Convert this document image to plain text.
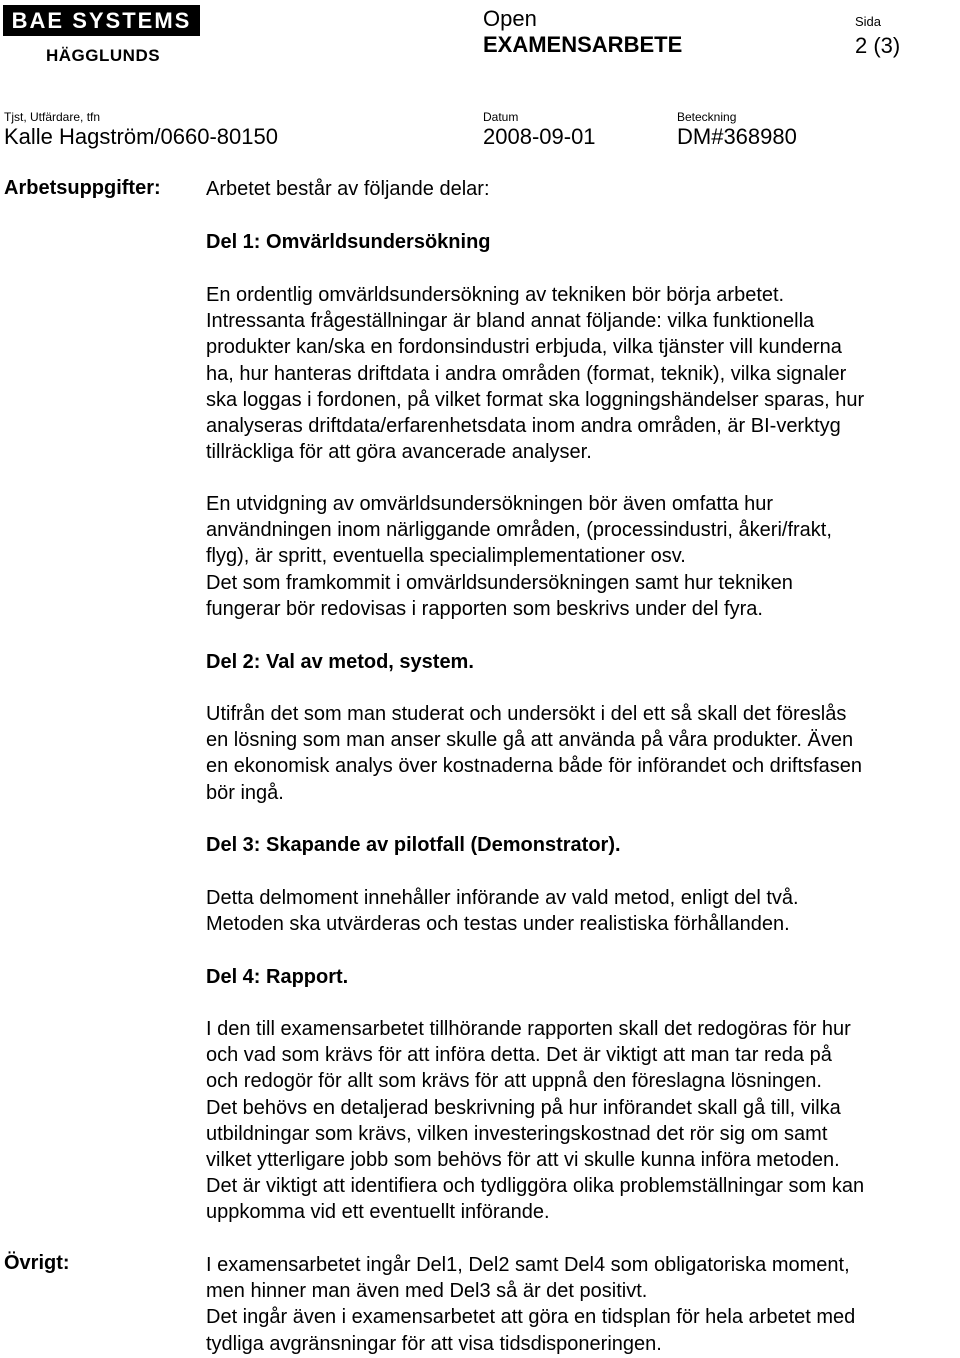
BAE SYSTEMS
HÄGGLUNDS
Open
EXAMENSARBETE
Sida
2 (3)
Tjst, Utfärdare, tfn
Kalle Hagström/0660-80150
Datum
2008-09-01
Beteckning
DM#368980
Arbetsuppgifter: Arbetet består av följande delar:
Del 1: Omvärldsundersökning

En ordentlig omvärldsundersökning av tekniken bör börja arbetet.

Intressanta frågeställningar är bland annat följande: vilka funktionella

produkter kan/ska en fordonsindustri erbjuda, vilka tjänster vill kunderna

ha, hur hanteras driftdata i andra områden (format, teknik), vilka signaler

ska loggas i fordonen, på vilket format ska loggningshändelser sparas, hur

analyseras driftdata/erfarenhetsdata inom andra områden, är BI-verktyg

tillräckliga för att göra avancerade analyser.

En utvidgning av omvärldsundersökningen bör även omfatta hur

användningen inom närliggande områden, (processindustri, åkeri/frakt,

flyg), är spritt, eventuella specialimplementationer osv.

Det som framkommit i omvärldsundersökningen samt hur tekniken

fungerar bör redovisas i rapporten som beskrivs under del fyra.

Del 2: Val av metod, system.

Utifrån det som man studerat och undersökt i del ett så skall det föreslås

en lösning som man anser skulle gå att använda på våra produkter. Även

en ekonomisk analys över kostnaderna både för införandet och driftsfasen

bör ingå.

Del 3: Skapande av pilotfall (Demonstrator).

Detta delmoment innehåller införande av vald metod, enligt del två.

Metoden ska utvärderas och testas under realistiska förhållanden.

Del 4: Rapport.

I den till examensarbetet tillhörande rapporten skall det redogöras för hur

och vad som krävs för att införa detta. Det är viktigt att man tar reda på

och redogör för allt som krävs för att uppnå den föreslagna lösningen.

Det behövs en detaljerad beskrivning på hur införandet skall gå till, vilka

utbildningar som krävs, vilken investeringskostnad det rör sig om samt

vilket ytterligare jobb som behövs för att vi skulle kunna införa metoden.

Det är viktigt att identifiera och tydliggöra olika problemställningar som kan

uppkomma vid ett eventuellt införande.

Övrigt:	I examensarbetet ingår Del1, Del2 samt Del4 som obligatoriska moment,

men hinner man även med Del3 så är det positivt.

Det ingår även i examensarbetet att göra en tidsplan för hela arbetet med

tydliga avgränsningar för att visa tidsdisponeringen.
